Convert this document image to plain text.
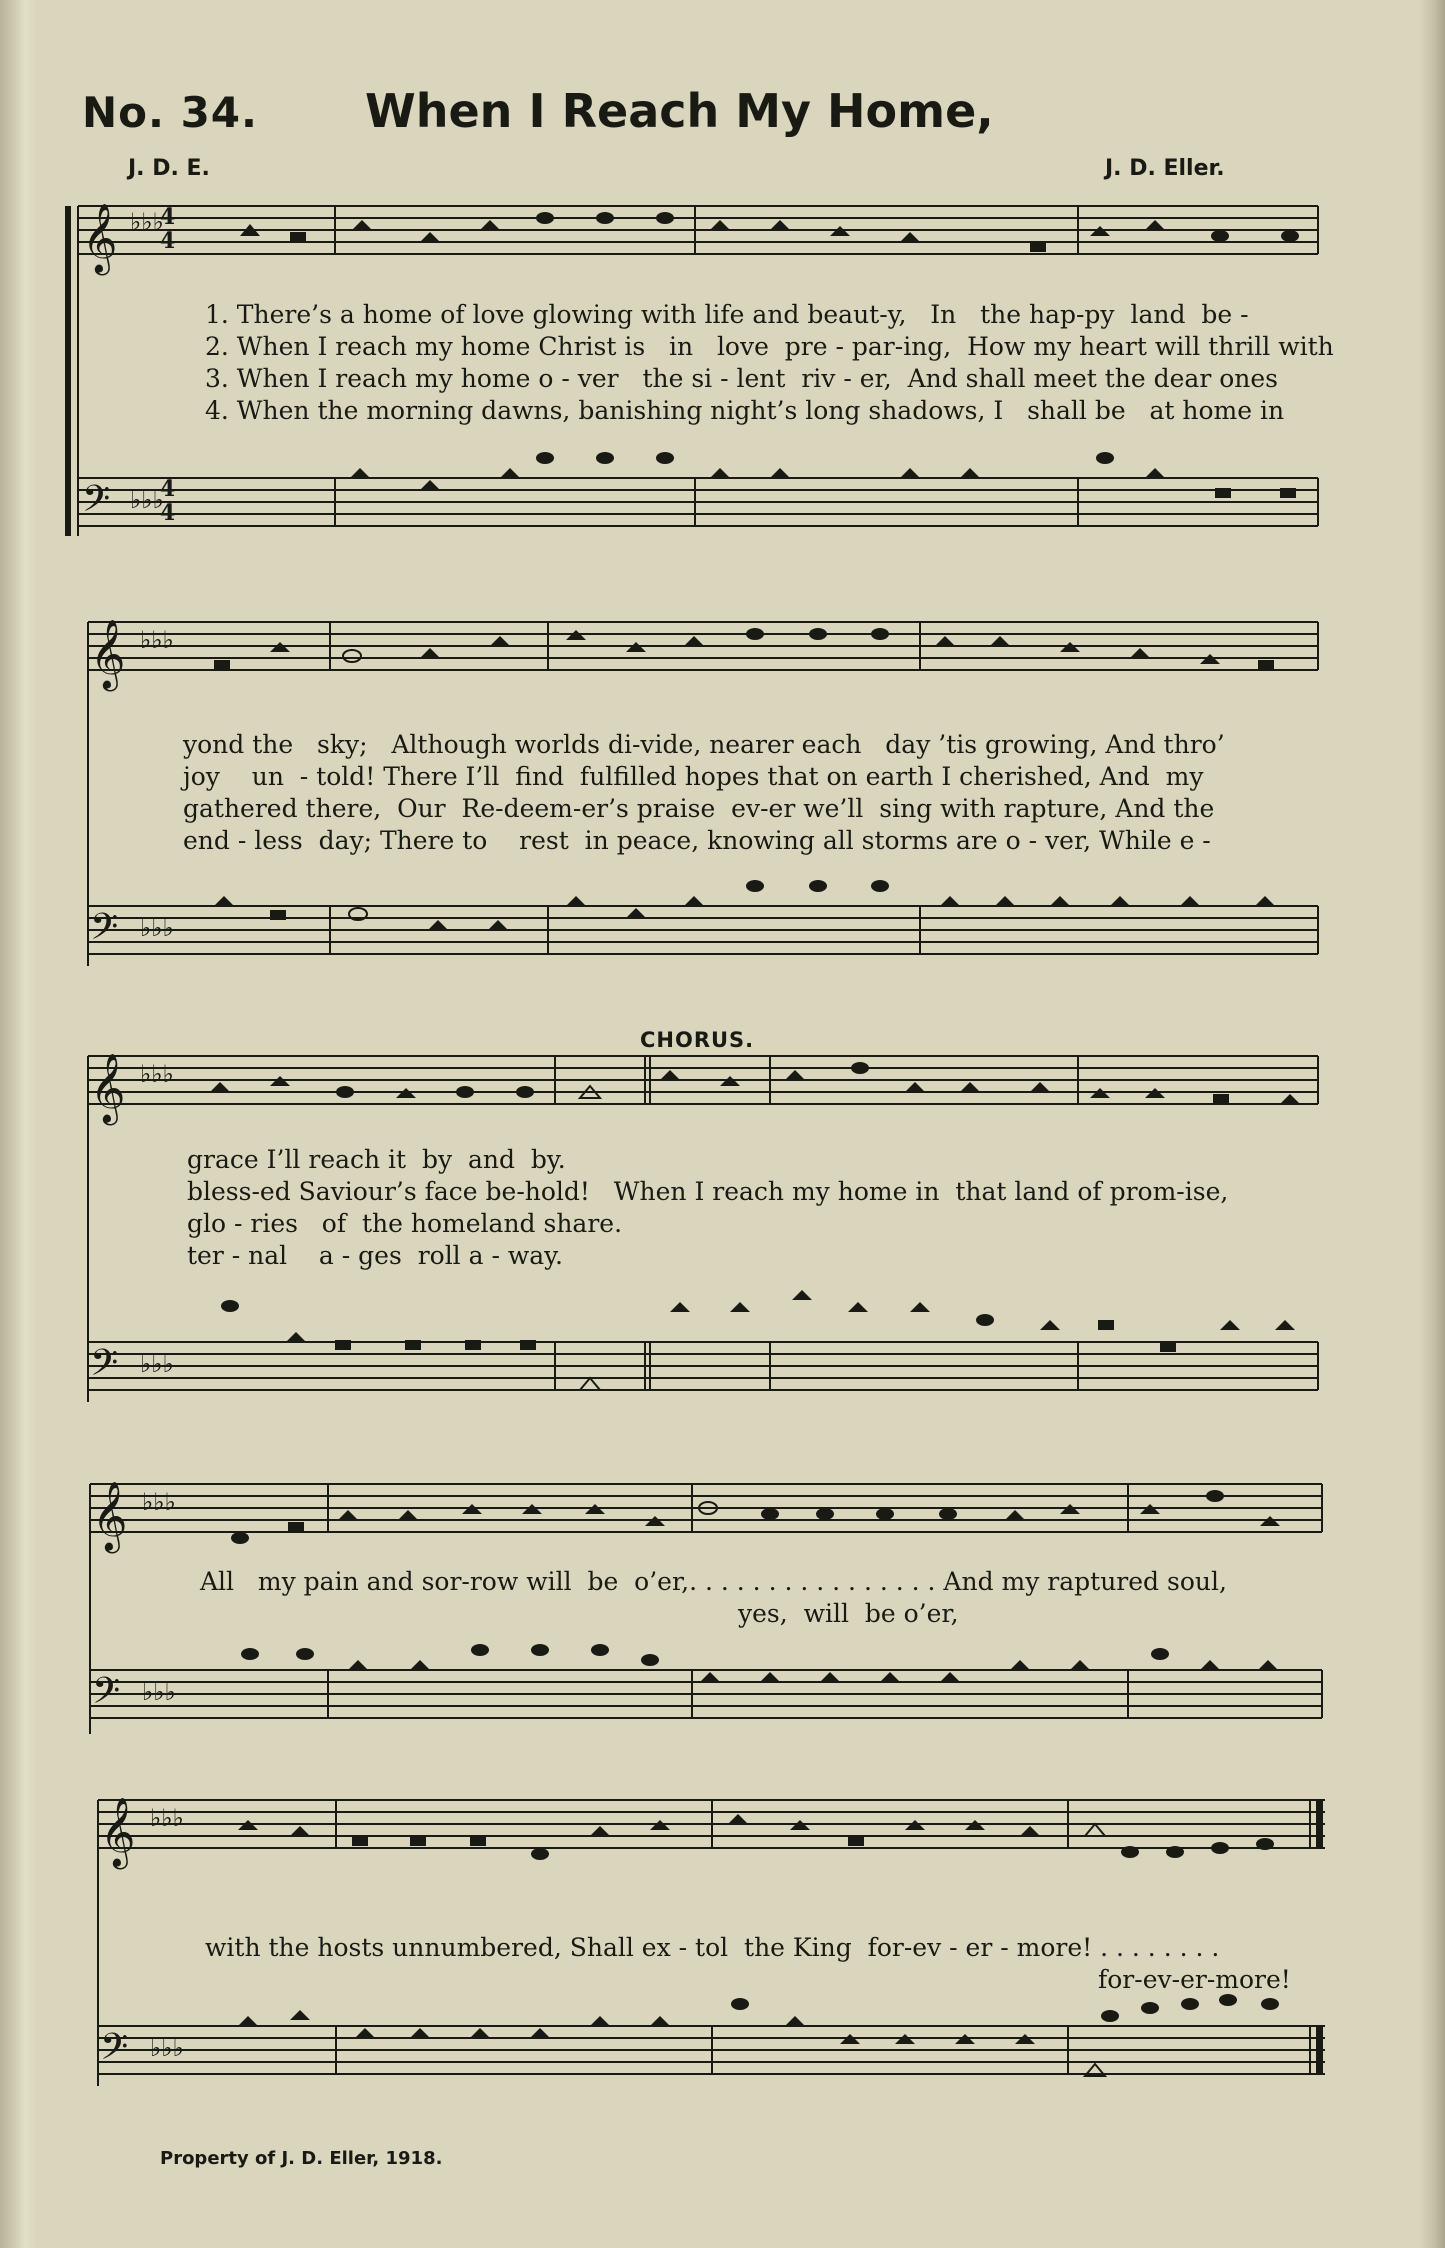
No. 34. When I Reach My Home,
J. D. E.	J. D. Eller.
𝄞 ♭♭♭
4
4
𝄢 ♭♭♭
4
4
1. There’s a home of love glowing with life and beaut-y,   In   the hap-py  land  be -
2. When I reach my home Christ is   in   love  pre - par-ing,  How my heart will thrill with
3. When I reach my home o - ver   the si - lent  riv - er,  And shall meet the dear ones
4. When the morning dawns, banishing night’s long shadows, I   shall be   at home in
𝄞 ♭♭♭
𝄢 ♭♭♭
yond the   sky;   Although worlds di-vide, nearer each   day ’tis growing, And thro’
joy    un  - told! There I’ll  find  fulfilled hopes that on earth I cherished, And  my
gathered there,  Our  Re-deem-er’s praise  ev-er we’ll  sing with rapture, And the
end - less  day; There to    rest  in peace, knowing all storms are o - ver, While e -
CHORUS.
𝄞 ♭♭♭
𝄢 ♭♭♭
grace I’ll reach it  by  and  by.
bless-ed Saviour’s face be-hold!   When I reach my home in  that land of prom-ise,
glo - ries   of  the homeland share.
ter - nal    a - ges  roll a - way.
𝄞 ♭♭♭
𝄢 ♭♭♭
All   my pain and sor-row will  be  o’er,. . . . . . . . . . . . . . . . And my raptured soul,
yes,  will  be o’er,
𝄞 ♭♭♭
𝄢 ♭♭♭
with the hosts unnumbered, Shall ex - tol  the King  for-ev - er - more! . . . . . . . .
for-ev-er-more!
Property of J. D. Eller, 1918.
